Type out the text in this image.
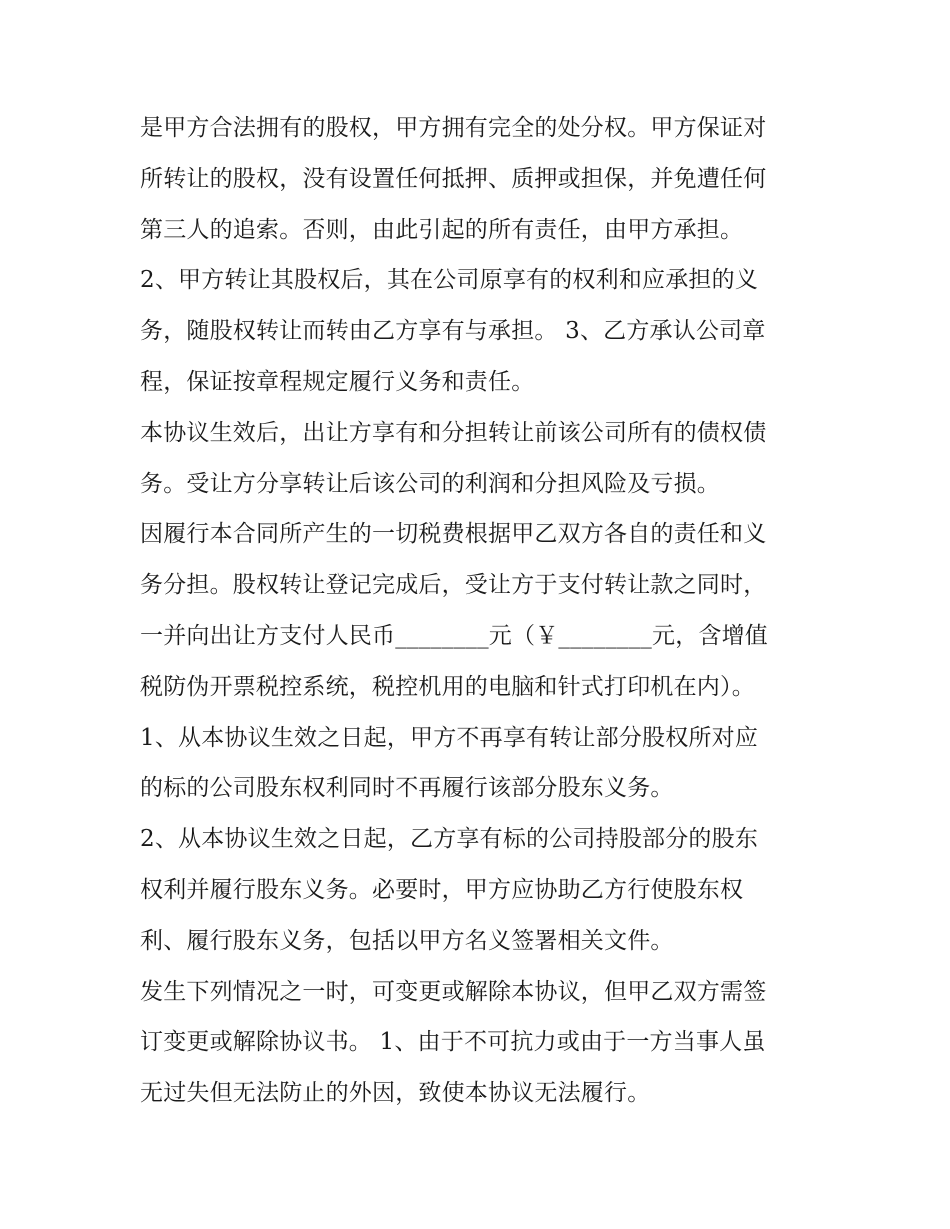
是甲方合法拥有的股权，甲方拥有完全的处分权。甲方保证对
所转让的股权，没有设置任何抵押、质押或担保，并免遭任何
第三人的追索。否则，由此引起的所有责任，由甲方承担。
2、甲方转让其股权后，其在公司原享有的权利和应承担的义
务，随股权转让而转由乙方享有与承担。 3、乙方承认公司章
程，保证按章程规定履行义务和责任。
本协议生效后，出让方享有和分担转让前该公司所有的债权债
务。受让方分享转让后该公司的利润和分担风险及亏损。
因履行本合同所产生的一切税费根据甲乙双方各自的责任和义
务分担。股权转让登记完成后，受让方于支付转让款之同时，
一并向出让方支付人民币________元（￥________元，含增值
税防伪开票税控系统，税控机用的电脑和针式打印机在内）。
1、从本协议生效之日起，甲方不再享有转让部分股权所对应
的标的公司股东权利同时不再履行该部分股东义务。
2、从本协议生效之日起，乙方享有标的公司持股部分的股东
权利并履行股东义务。必要时，甲方应协助乙方行使股东权
利、履行股东义务，包括以甲方名义签署相关文件。
发生下列情况之一时，可变更或解除本协议，但甲乙双方需签
订变更或解除协议书。 1、由于不可抗力或由于一方当事人虽
无过失但无法防止的外因，致使本协议无法履行。
